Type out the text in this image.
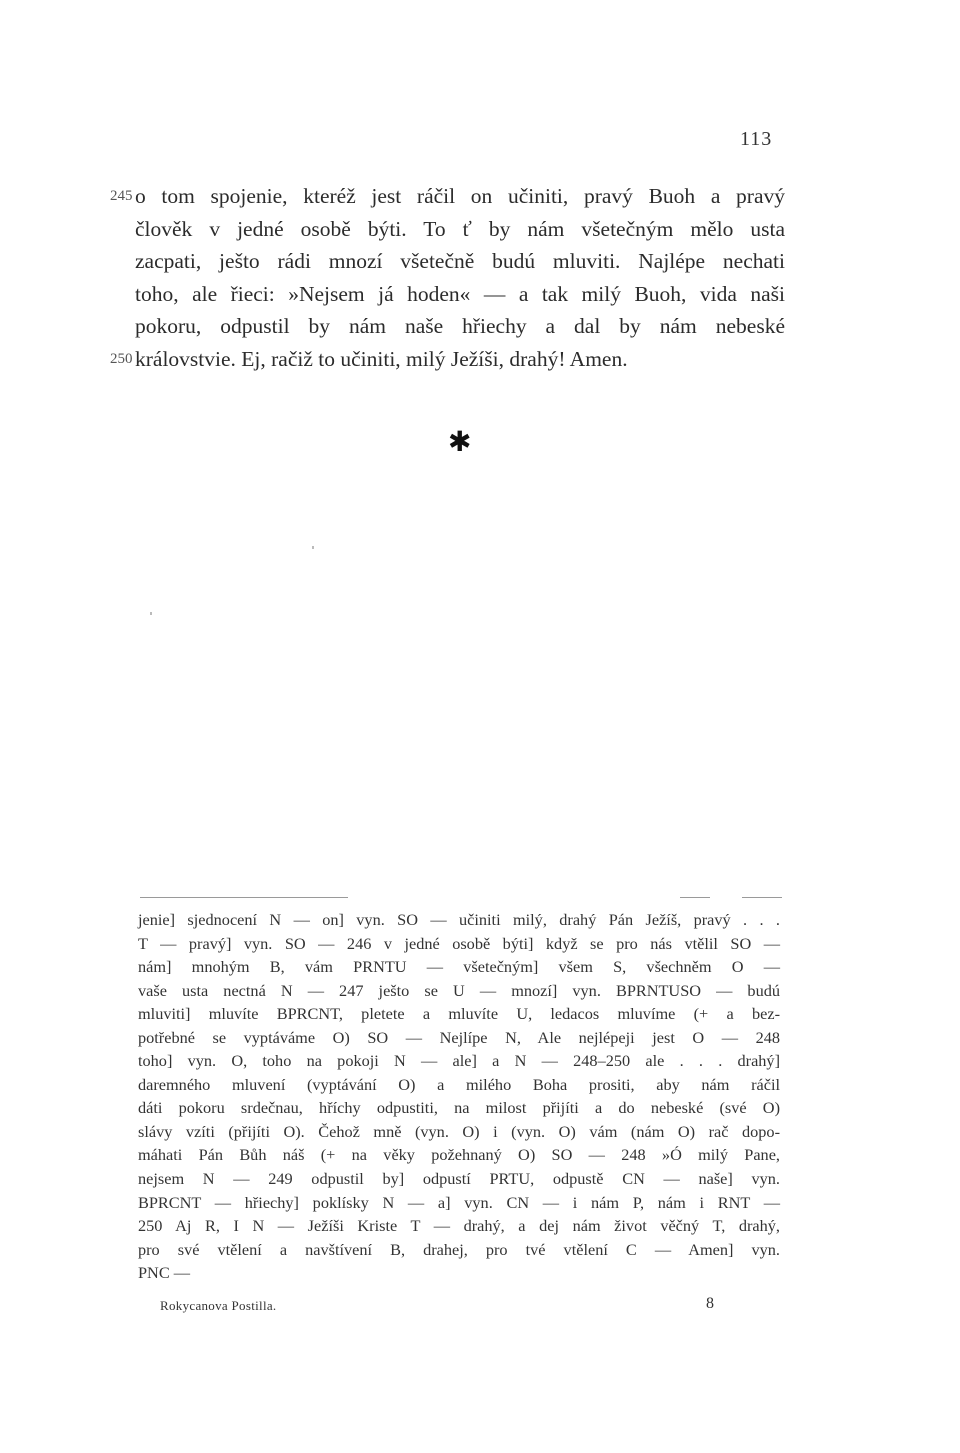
113
245 o tom spojenie, kteréž jest ráčil on učiniti, pravý Buoh a pravý
člověk v jedné osobě býti. To ť by nám všetečným mělo usta
zacpati, ješto rádi mnozí všetečně budú mluviti. Najlépe nechati
toho, ale řieci: »Nejsem já hoden« — a tak milý Buoh, vida naši
pokoru, odpustil by nám naše hřiechy a dal by nám nebeské
250 královstvie. Ej, račiž to učiniti, milý Ježíši, drahý! Amen.
✱
jenie] sjednocení N — on] vyn. SO — učiniti milý, drahý Pán Ježíš, pravý . . .
T — pravý] vyn. SO — 246 v jedné osobě býti] když se pro nás vtělil SO —
nám] mnohým B, vám PRNTU — všetečným] všem S, všechněm O —
vaše usta nectná N — 247 ješto se U — mnozí] vyn. BPRNTUSO — budú
mluviti] mluvíte BPRCNT, pletete a mluvíte U, ledacos mluvíme (+ a bez-
potřebné se vyptáváme O) SO — Nejlípe N, Ale nejlépeji jest O — 248
toho] vyn. O, toho na pokoji N — ale] a N — 248–250 ale . . . drahý]
daremného mluvení (vyptávání O) a milého Boha prositi, aby nám ráčil
dáti pokoru srdečnau, hříchy odpustiti, na milost přijíti a do nebeské (své O)
slávy vzíti (přijíti O). Čehož mně (vyn. O) i (vyn. O) vám (nám O) rač dopo-
máhati Pán Bůh náš (+ na věky požehnaný O) SO — 248 »Ó milý Pane,
nejsem N — 249 odpustil by] odpustí PRTU, odpustě CN — naše] vyn.
BPRCNT — hřiechy] poklísky N — a] vyn. CN — i nám P, nám i RNT —
250 Aj R, I N — Ježíši Kriste T — drahý, a dej nám život věčný T, drahý,
pro své vtělení a navštívení B, drahej, pro tvé vtělení C — Amen] vyn.
PNC —
Rokycanova Postilla.	8
